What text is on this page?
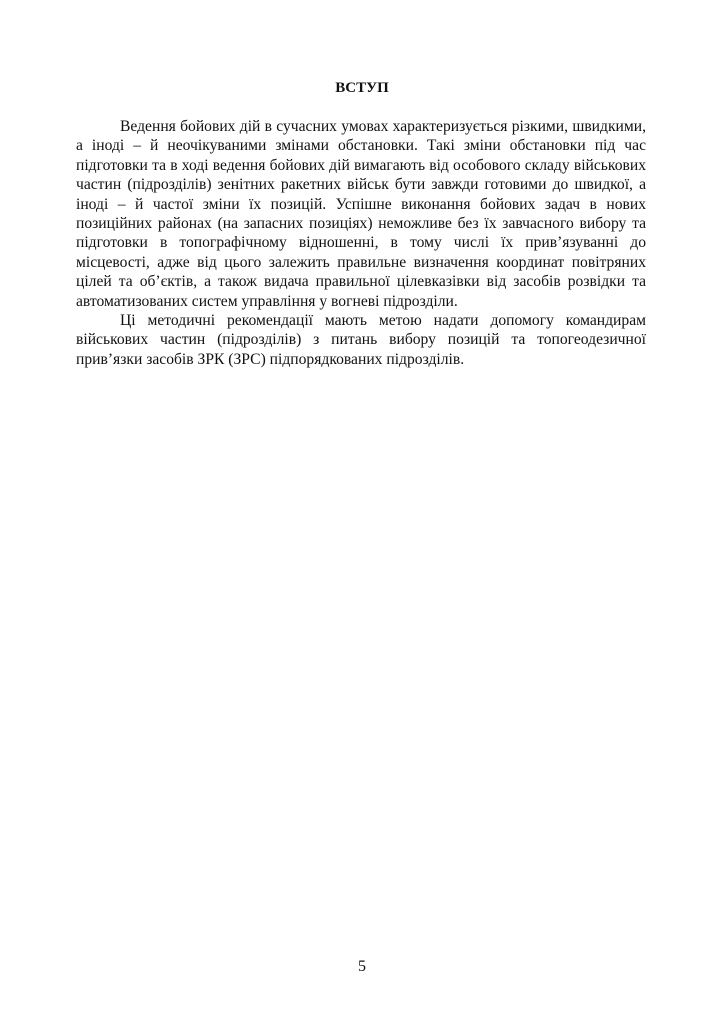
ВСТУП

Ведення бойових дій в сучасних умовах характеризується різкими, швидкими, а іноді – й неочікуваними змінами обстановки. Такі зміни обстановки під час підготовки та в ході ведення бойових дій вимагають від особового складу військових частин (підрозділів) зенітних ракетних військ бути завжди готовими до швидкої, а іноді – й частої зміни їх позицій. Успішне виконання бойових задач в нових позиційних районах (на запасних позиціях) неможливе без їх завчасного вибору та підготовки в топографічному відношенні, в тому числі їх прив’язуванні до місцевості, адже від цього залежить правильне визначення координат повітряних цілей та об’єктів, а також видача правильної цілевказівки від засобів розвідки та автоматизованих систем управління у вогневі підрозділи.

Ці методичні рекомендації мають метою надати допомогу командирам військових частин (підрозділів) з питань вибору позицій та топогеодезичної прив’язки засобів ЗРК (ЗРС) підпорядкованих підрозділів.

5
